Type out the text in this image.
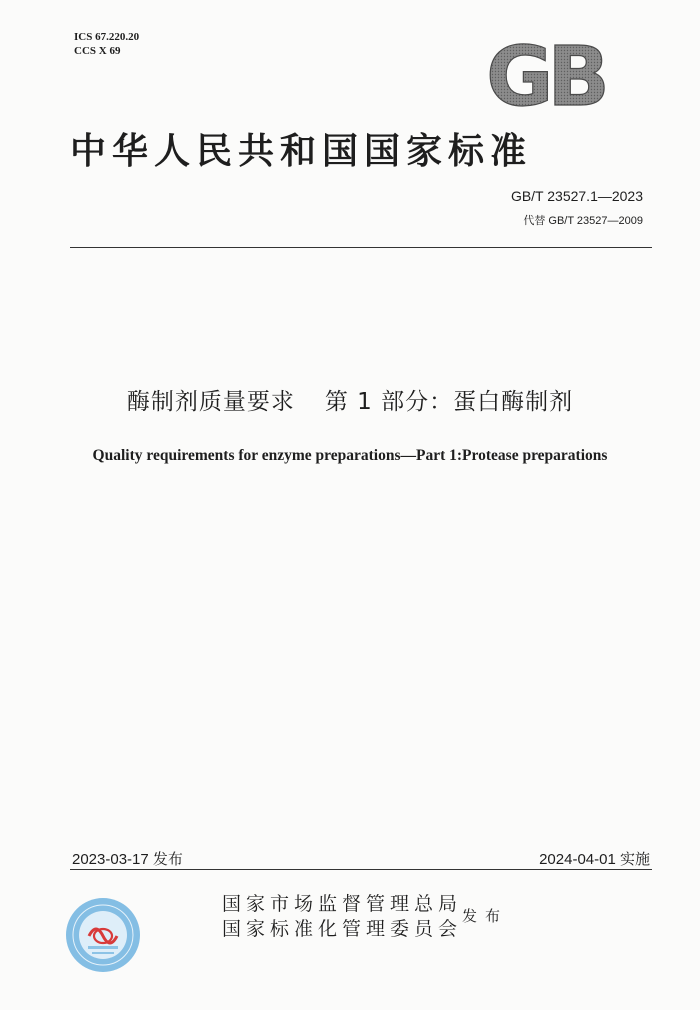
ICS 67.220.20
CCS X 69	GB
中华人民共和国国家标准
GB/T 23527.1—2023
代替 GB/T 23527—2009
酶制剂质量要求 第 1 部分：蛋白酶制剂
Quality requirements for enzyme preparations—Part 1:Protease preparations
2023-03-17 发布	2024-04-01 实施
国家市场监督管理总局
国家标准化管理委员会
发布
